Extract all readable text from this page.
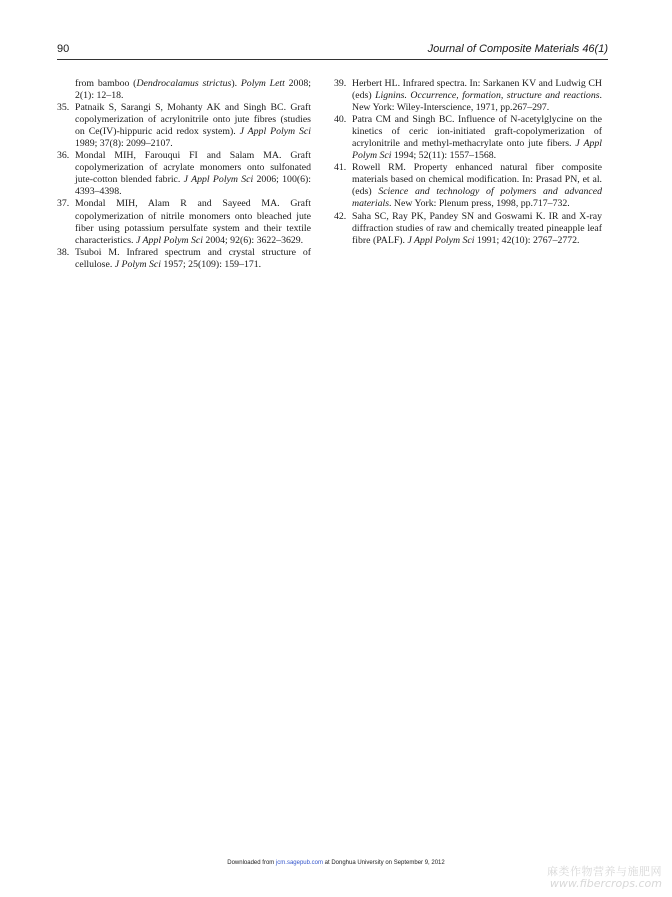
90	Journal of Composite Materials 46(1)
from bamboo (Dendrocalamus strictus). Polym Lett 2008; 2(1): 12–18.
35. Patnaik S, Sarangi S, Mohanty AK and Singh BC. Graft copolymerization of acrylonitrile onto jute fibres (studies on Ce(IV)-hippuric acid redox system). J Appl Polym Sci 1989; 37(8): 2099–2107.
36. Mondal MIH, Farouqui FI and Salam MA. Graft copolymerization of acrylate monomers onto sulfonated jute-cotton blended fabric. J Appl Polym Sci 2006; 100(6): 4393–4398.
37. Mondal MIH, Alam R and Sayeed MA. Graft copolymerization of nitrile monomers onto bleached jute fiber using potassium persulfate system and their textile characteristics. J Appl Polym Sci 2004; 92(6): 3622–3629.
38. Tsuboi M. Infrared spectrum and crystal structure of cellulose. J Polym Sci 1957; 25(109): 159–171.
39. Herbert HL. Infrared spectra. In: Sarkanen KV and Ludwig CH (eds) Lignins. Occurrence, formation, structure and reactions. New York: Wiley-Interscience, 1971, pp.267–297.
40. Patra CM and Singh BC. Influence of N-acetylglycine on the kinetics of ceric ion-initiated graft-copolymerization of acrylonitrile and methyl-methacrylate onto jute fibers. J Appl Polym Sci 1994; 52(11): 1557–1568.
41. Rowell RM. Property enhanced natural fiber composite materials based on chemical modification. In: Prasad PN, et al. (eds) Science and technology of polymers and advanced materials. New York: Plenum press, 1998, pp.717–732.
42. Saha SC, Ray PK, Pandey SN and Goswami K. IR and X-ray diffraction studies of raw and chemically treated pineapple leaf fibre (PALF). J Appl Polym Sci 1991; 42(10): 2767–2772.
Downloaded from jcm.sagepub.com at Donghua University on September 9, 2012
麻类作物营养与施肥网
www.fibercrops.com
